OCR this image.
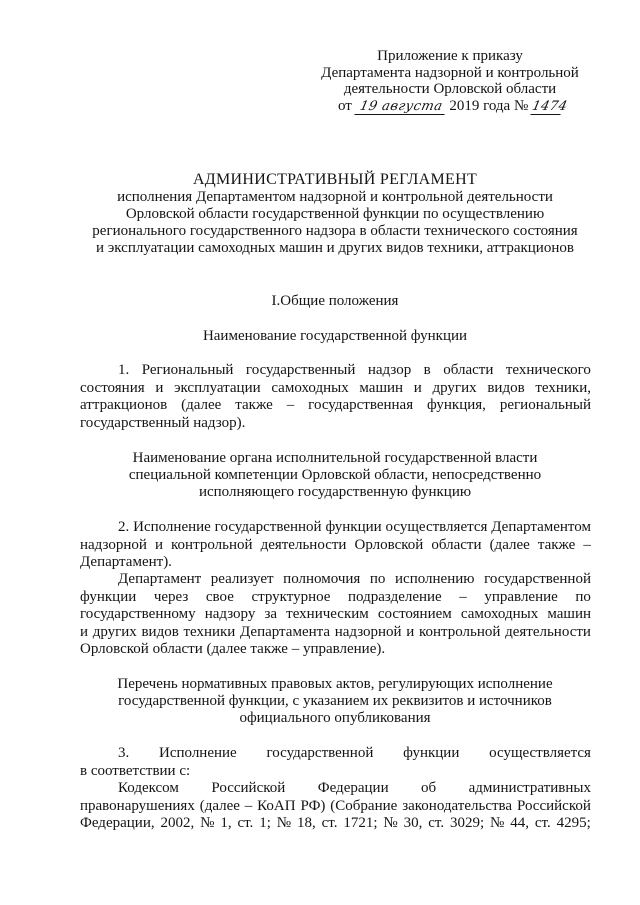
Приложение к приказу
Департамента надзорной и контрольной
деятельности Орловской области
от 19 августа 2019 года № 1474
АДМИНИСТРАТИВНЫЙ РЕГЛАМЕНТ
исполнения Департаментом надзорной и контрольной деятельности
Орловской области государственной функции по осуществлению
регионального государственного надзора в области технического состояния
и эксплуатации самоходных машин и других видов техники, аттракционов
I.Общие положения
Наименование государственной функции
1. Региональный государственный надзор в области технического
состояния и эксплуатации самоходных машин и других видов техники,
аттракционов (далее также – государственная функция, региональный
государственный надзор).
Наименование органа исполнительной государственной власти
специальной компетенции Орловской области, непосредственно
исполняющего государственную функцию
2. Исполнение государственной функции осуществляется Департаментом
надзорной и контрольной деятельности Орловской области (далее также –
Департамент).
Департамент реализует полномочия по исполнению государственной
функции через свое структурное подразделение – управление по
государственному надзору за техническим состоянием самоходных машин
и других видов техники Департамента надзорной и контрольной деятельности
Орловской области (далее также – управление).
Перечень нормативных правовых актов, регулирующих исполнение
государственной функции, с указанием их реквизитов и источников
официального опубликования
3. Исполнение государственной функции осуществляется
в соответствии с:
Кодексом Российской Федерации об административных
правонарушениях (далее – КоАП РФ) (Собрание законодательства Российской
Федерации, 2002, № 1, ст. 1; № 18, ст. 1721; № 30, ст. 3029; № 44, ст. 4295;
